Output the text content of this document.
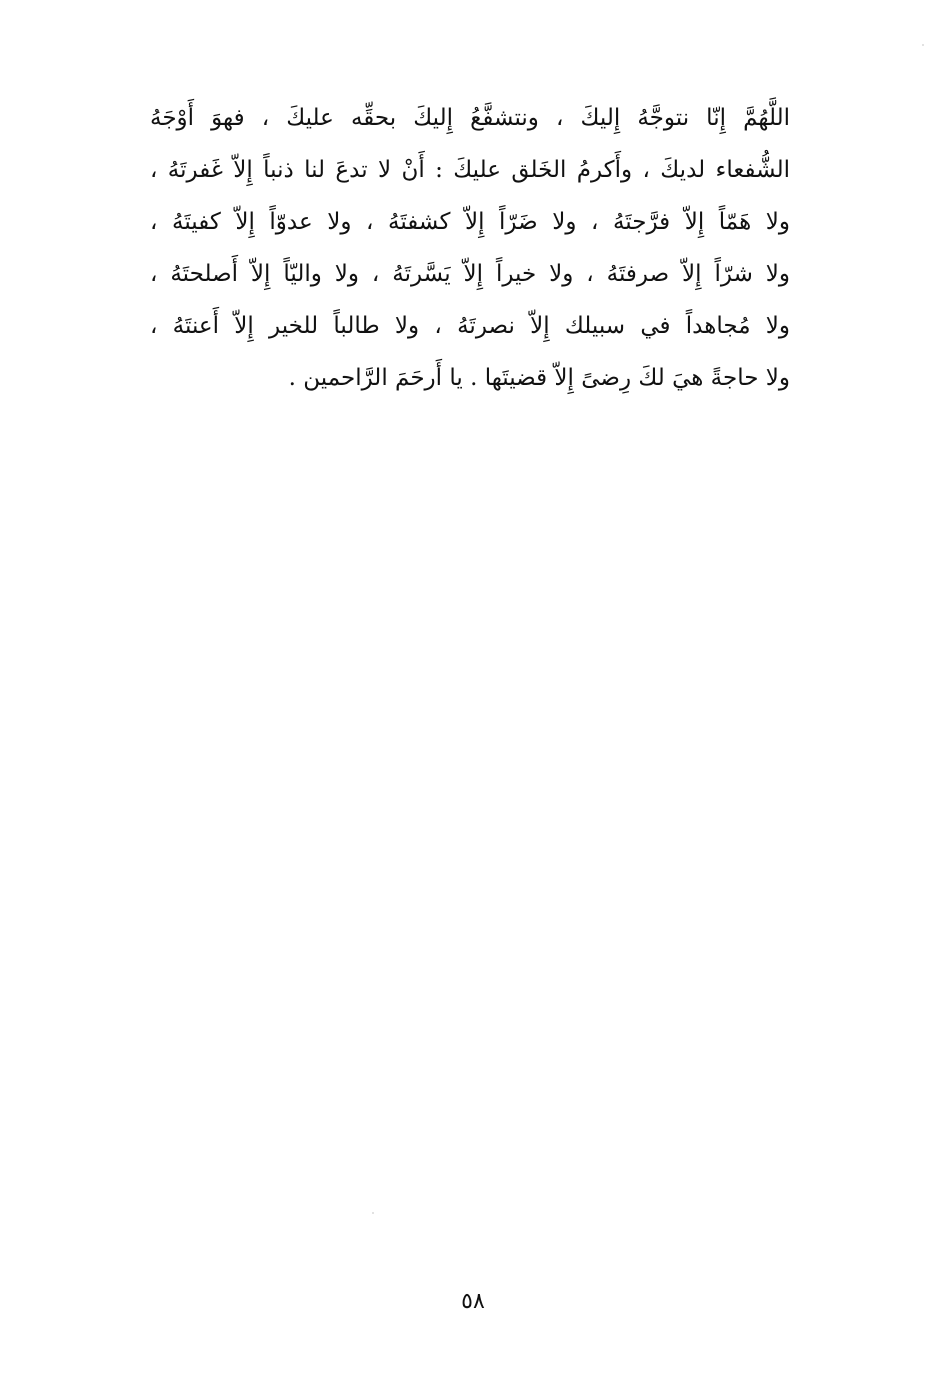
اللَّهُمَّ إِنّا نتوجَّهُ إِليكَ ، ونتشفَّعُ إِليكَ بحقِّه عليكَ ، فهوَ أَوْجَهُ
الشُّفعاء لديكَ ، وأَكرمُ الخَلق عليكَ : أَنْ لا تدعَ لنا ذنباً إِلاّ غَفرتَهُ ،
ولا هَمّاً إِلاّ فرَّجتَهُ ، ولا ضَرّاً إِلاّ كشفتَهُ ، ولا عدوّاً إِلاّ كفيتَهُ ،
ولا شرّاً إِلاّ صرفتَهُ ، ولا خيراً إِلاّ يَسَّرتَهُ ، ولا واليّاً إِلاّ أَصلحتَهُ ،
ولا مُجاهداً في سبيلك إِلاّ نصرتَهُ ، ولا طالباً للخير إِلاّ أَعنتَهُ ،
ولا حاجةً هيَ لكَ رِضىً إِلاّ قضيتَها . يا أَرحَمَ الرَّاحمين .
٥٨
